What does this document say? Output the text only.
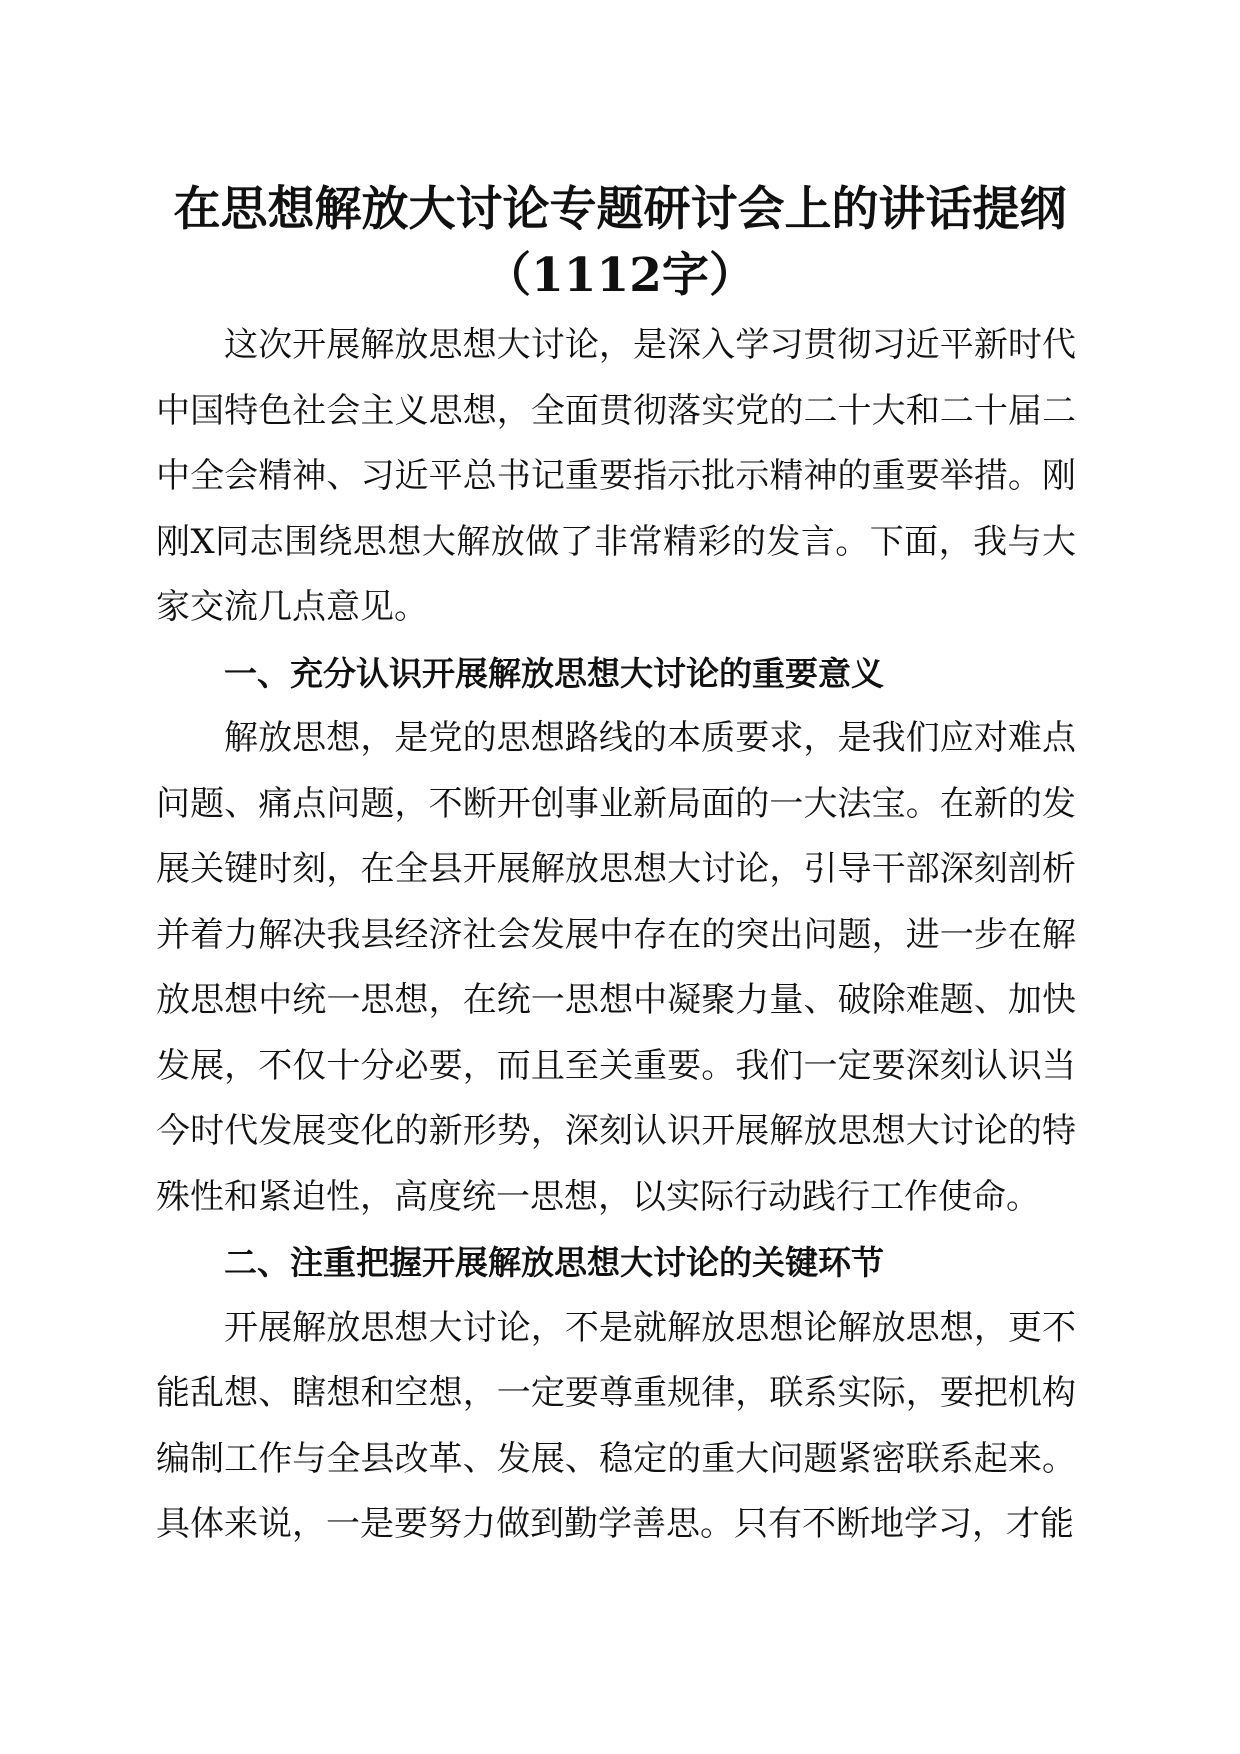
在思想解放大讨论专题研讨会上的讲话提纲
（1112字）

这次开展解放思想大讨论，是深入学习贯彻习近平新时代中国特色社会主义思想，全面贯彻落实党的二十大和二十届二中全会精神、习近平总书记重要指示批示精神的重要举措。刚刚X同志围绕思想大解放做了非常精彩的发言。下面，我与大家交流几点意见。

一、充分认识开展解放思想大讨论的重要意义

解放思想，是党的思想路线的本质要求，是我们应对难点问题、痛点问题，不断开创事业新局面的一大法宝。在新的发展关键时刻，在全县开展解放思想大讨论，引导干部深刻剖析并着力解决我县经济社会发展中存在的突出问题，进一步在解放思想中统一思想，在统一思想中凝聚力量、破除难题、加快发展，不仅十分必要，而且至关重要。我们一定要深刻认识当今时代发展变化的新形势，深刻认识开展解放思想大讨论的特殊性和紧迫性，高度统一思想，以实际行动践行工作使命。

二、注重把握开展解放思想大讨论的关键环节

开展解放思想大讨论，不是就解放思想论解放思想，更不能乱想、瞎想和空想，一定要尊重规律，联系实际，要把机构编制工作与全县改革、发展、稳定的重大问题紧密联系起来。具体来说，一是要努力做到勤学善思。只有不断地学习，才能
